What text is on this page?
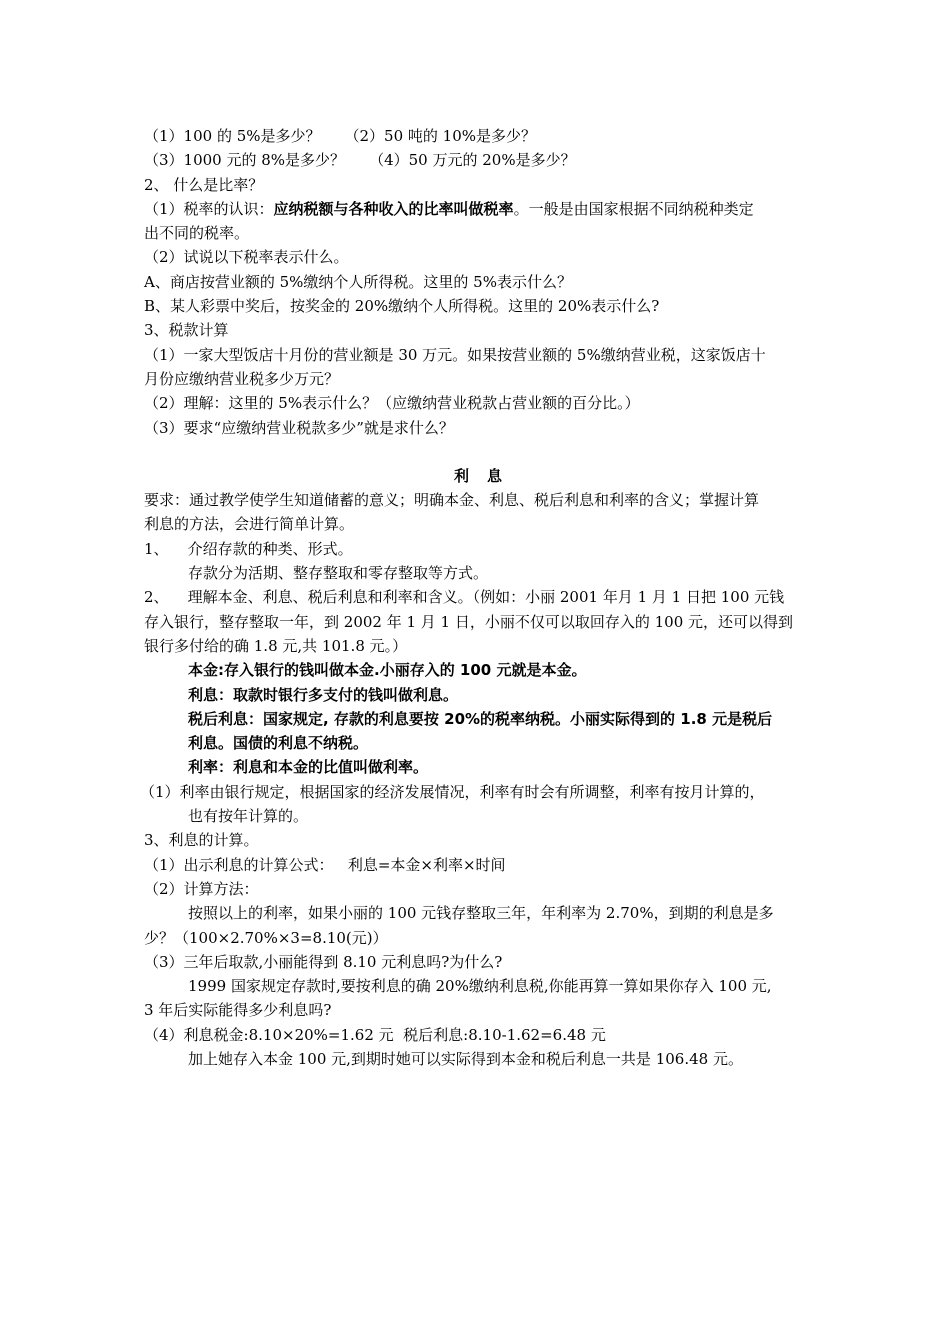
（1）100 的 5%是多少？ （2）50 吨的 10%是多少？
（3）1000 元的 8%是多少？ （4）50 万元的 20%是多少？
2、 什么是比率？
（1）税率的认识：应纳税额与各种收入的比率叫做税率。一般是由国家根据不同纳税种类定
出不同的税率。
（2）试说以下税率表示什么。
A、商店按营业额的 5%缴纳个人所得税。这里的 5%表示什么？
B、某人彩票中奖后，按奖金的 20%缴纳个人所得税。这里的 20%表示什么?
3、税款计算
（1）一家大型饭店十月份的营业额是 30 万元。如果按营业额的 5%缴纳营业税，这家饭店十
月份应缴纳营业税多少万元？
（2）理解：这里的 5%表示什么？（应缴纳营业税款占营业额的百分比。）
（3）要求“应缴纳营业税款多少”就是求什么？
利息
要求：通过教学使学生知道储蓄的意义；明确本金、利息、税后利息和利率的含义；掌握计算
利息的方法，会进行简单计算。
1、    介绍存款的种类、形式。
存款分为活期、整存整取和零存整取等方式。
2、    理解本金、利息、税后利息和利率和含义。（例如：小丽 2001 年月 1 月 1 日把 100 元钱
存入银行，整存整取一年，到 2002 年 1 月 1 日，小丽不仅可以取回存入的 100 元，还可以得到
银行多付给的确 1.8 元,共 101.8 元。）
本金:存入银行的钱叫做本金.小丽存入的 100 元就是本金。
利息：取款时银行多支付的钱叫做利息。
税后利息：国家规定, 存款的利息要按 20%的税率纳税。小丽实际得到的 1.8 元是税后
利息。国债的利息不纳税。
利率：利息和本金的比值叫做利率。
（1）利率由银行规定，根据国家的经济发展情况，利率有时会有所调整，利率有按月计算的，
也有按年计算的。
3、利息的计算。
（1）出示利息的计算公式：   利息=本金×利率×时间
（2）计算方法：
按照以上的利率，如果小丽的 100 元钱存整取三年，年利率为 2.70%，到期的利息是多
少？（100×2.70%×3=8.10(元)）
（3）三年后取款,小丽能得到 8.10 元利息吗?为什么?
1999 国家规定存款时,要按利息的确 20%缴纳利息税,你能再算一算如果你存入 100 元,
3 年后实际能得多少利息吗?
（4）利息税金:8.10×20%=1.62 元  税后利息:8.10-1.62=6.48 元
加上她存入本金 100 元,到期时她可以实际得到本金和税后利息一共是 106.48 元。
